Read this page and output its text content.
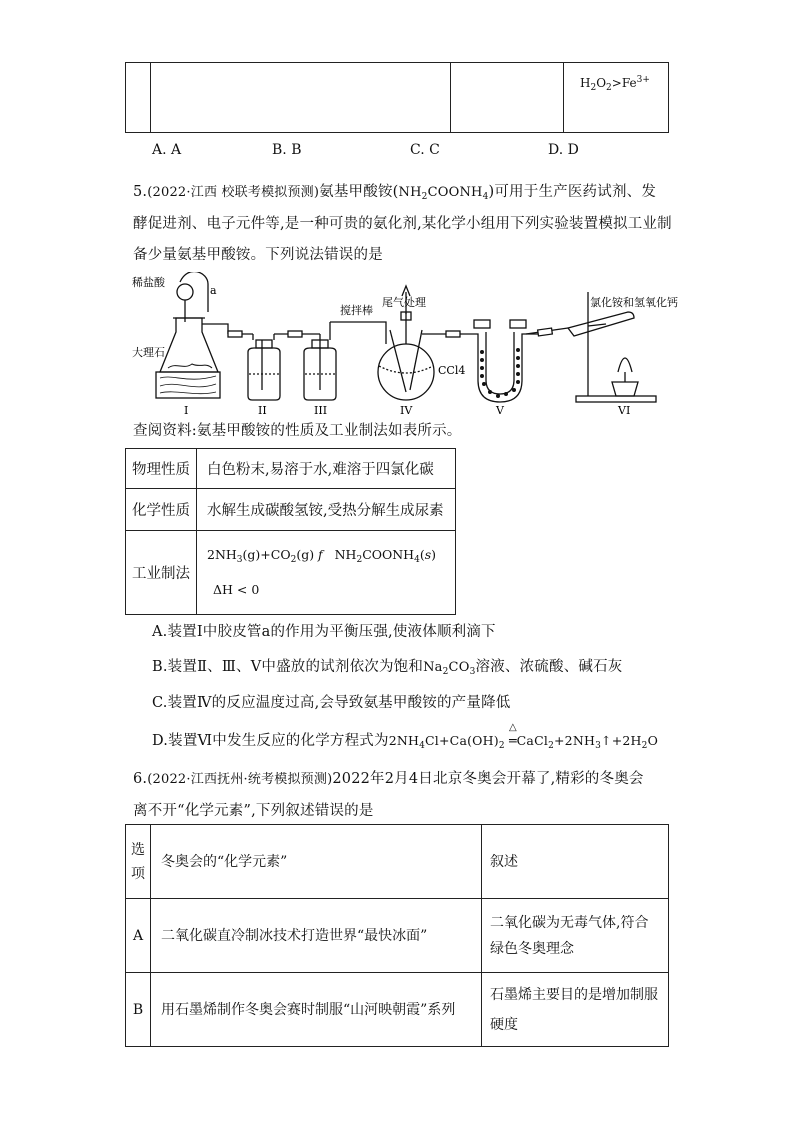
			$H_2O_2>Fe^{3+}$
A. A	B. B	C. C	D. D
5.(2022·江西 校联考模拟预测)氨基甲酸铵$(NH_2COONH_4)$可用于生产医药试剂、发
酵促进剂、电子元件等,是一种可贵的氨化剂,某化学小组用下列实验装置模拟工业制
备少量氨基甲酸铵。下列说法错误的是
稀盐酸
a
大理石
搅拌棒
尾气处理
CCl4
氯化铵和氢氧化钙
I	II	III	IV	V	VI
查阅资料:氨基甲酸铵的性质及工业制法如表所示。
物理性质	白色粉末,易溶于水,难溶于四氯化碳
化学性质	水解生成碳酸氢铵,受热分解生成尿素
工业制法	$2NH_3(g)+CO_2(g)$ f   $NH_2COONH_4(s)$
ΔH < 0
A.装置Ⅰ中胶皮管a的作用为平衡压强,使液体顺利滴下
B.装置Ⅱ、Ⅲ、Ⅴ中盛放的试剂依次为饱和$Na_2CO_3$溶液、浓硫酸、碱石灰
C.装置Ⅳ的反应温度过高,会导致氨基甲酸铵的产量降低
D.装置Ⅵ中发生反应的化学方程式为$2NH_4Cl+Ca(OH)_2$
△
$═CaCl_2+2NH_3↑+2H_2O$
6.(2022·江西抚州·统考模拟预测)2022年2月4日北京冬奥会开幕了,精彩的冬奥会
离不开“化学元素”,下列叙述错误的是
选
项	冬奥会的“化学元素”	叙述
A	二氧化碳直冷制冰技术打造世界“最快冰面”	二氧化碳为无毒气体,符合绿色冬奥理念
B	用石墨烯制作冬奥会赛时制服“山河映朝霞”系列	石墨烯主要目的是增加制服硬度
